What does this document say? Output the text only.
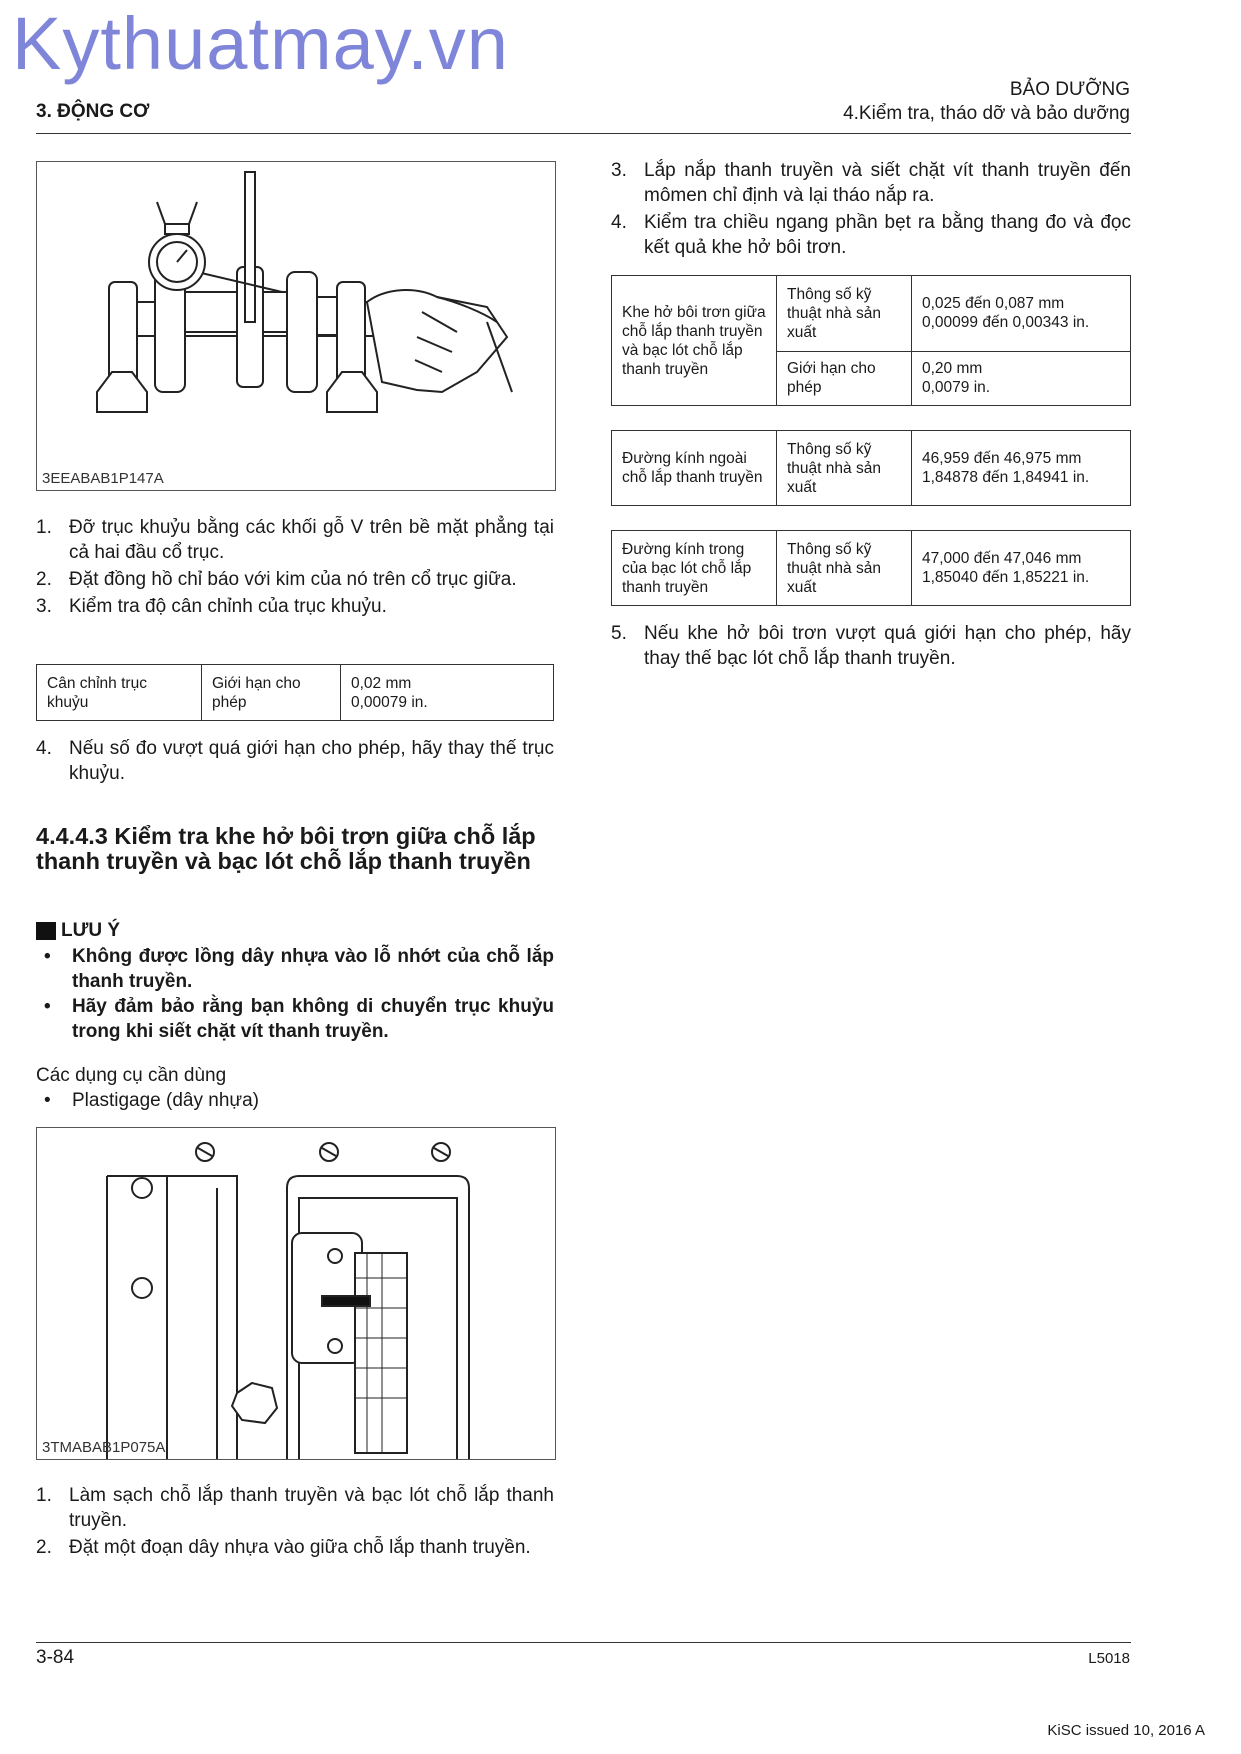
Kythuatmay.vn
3. ĐỘNG CƠ
BẢO DƯỠNG
4.Kiểm tra, tháo dỡ và bảo dưỡng
3EEABAB1P147A
1. Đỡ trục khuỷu bằng các khối gỗ V trên bề mặt phẳng tại cả hai đầu cổ trục.
2. Đặt đồng hồ chỉ báo với kim của nó trên cổ trục giữa.
3. Kiểm tra độ cân chỉnh của trục khuỷu.
Cân chỉnh trục khuỷu	Giới hạn cho phép	0,02 mm
0,00079 in.
4. Nếu số đo vượt quá giới hạn cho phép, hãy thay thế trục khuỷu.
4.4.4.3 Kiểm tra khe hở bôi trơn giữa chỗ lắp thanh truyền và bạc lót chỗ lắp thanh truyền
LƯU Ý
• Không được lồng dây nhựa vào lỗ nhớt của chỗ lắp thanh truyền.
• Hãy đảm bảo rằng bạn không di chuyển trục khuỷu trong khi siết chặt vít thanh truyền.
Các dụng cụ cần dùng
• Plastigage (dây nhựa)
3TMABAB1P075A
1. Làm sạch chỗ lắp thanh truyền và bạc lót chỗ lắp thanh truyền.
2. Đặt một đoạn dây nhựa vào giữa chỗ lắp thanh truyền.
3. Lắp nắp thanh truyền và siết chặt vít thanh truyền đến mômen chỉ định và lại tháo nắp ra.
4. Kiểm tra chiều ngang phần bẹt ra bằng thang đo và đọc kết quả khe hở bôi trơn.
Khe hở bôi trơn giữa chỗ lắp thanh truyền và bạc lót chỗ lắp thanh truyền	Thông số kỹ thuật nhà sản xuất	0,025 đến 0,087 mm
0,00099 đến 0,00343 in.
	Giới hạn cho phép	0,20 mm
0,0079 in.
Đường kính ngoài chỗ lắp thanh truyền	Thông số kỹ thuật nhà sản xuất	46,959 đến 46,975 mm
1,84878 đến 1,84941 in.
Đường kính trong của bạc lót chỗ lắp thanh truyền	Thông số kỹ thuật nhà sản xuất	47,000 đến 47,046 mm
1,85040 đến 1,85221 in.
5. Nếu khe hở bôi trơn vượt quá giới hạn cho phép, hãy thay thế bạc lót chỗ lắp thanh truyền.
3-84	L5018
KiSC issued 10, 2016 A
